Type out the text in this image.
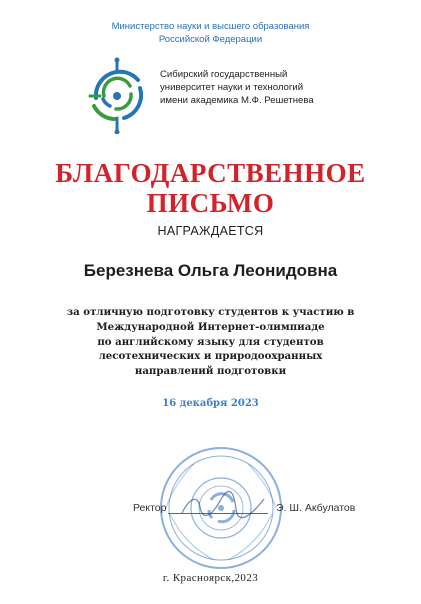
Министерство науки и высшего образования
Российской Федерации
Сибирский государственный
университет науки и технологий
имени академика М.Ф. Решетнева
БЛАГОДАРСТВЕННОЕ
ПИСЬМО
НАГРАЖДАЕТСЯ
Березнева Ольга Леонидовна
за отличную подготовку студентов к участию в
Международной Интернет-олимпиаде
по английскому языку для студентов
лесотехнических и природоохранных
направлений подготовки
16 декабря 2023
Ректор	Э. Ш. Акбулатов
г. Красноярск,2023
